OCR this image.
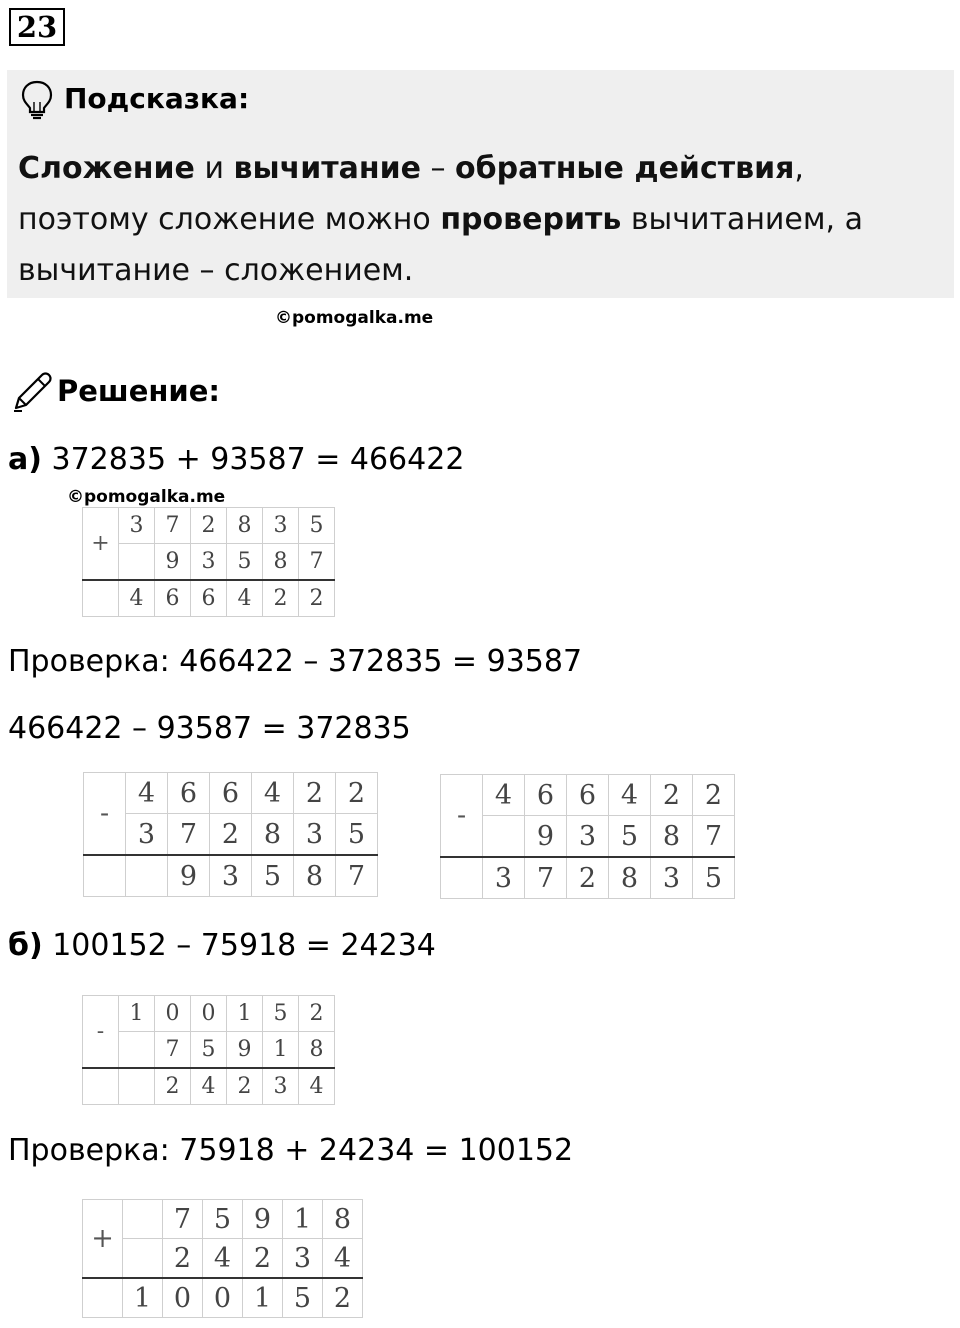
23
Подсказка:
Сложение и вычитание – обратные действия, поэтому сложение можно проверить вычитанием, а вычитание – сложением.
©pomogalka.me
Решение:
а) 372835 + 93587 = 466422
©pomogalka.me
+	3	7	2	8	3	5
		9	3	5	8	7
	4	6	6	4	2	2
Проверка: 466422 – 372835 = 93587
466422 – 93587 = 372835
-	4	6	6	4	2	2
	3	7	2	8	3	5
		9	3	5	8	7
-	4	6	6	4	2	2
		9	3	5	8	7
	3	7	2	8	3	5
б) 100152 – 75918 = 24234
-	1	0	0	1	5	2
		7	5	9	1	8
		2	4	2	3	4
Проверка: 75918 + 24234 = 100152
+		7	5	9	1	8
		2	4	2	3	4
	1	0	0	1	5	2
